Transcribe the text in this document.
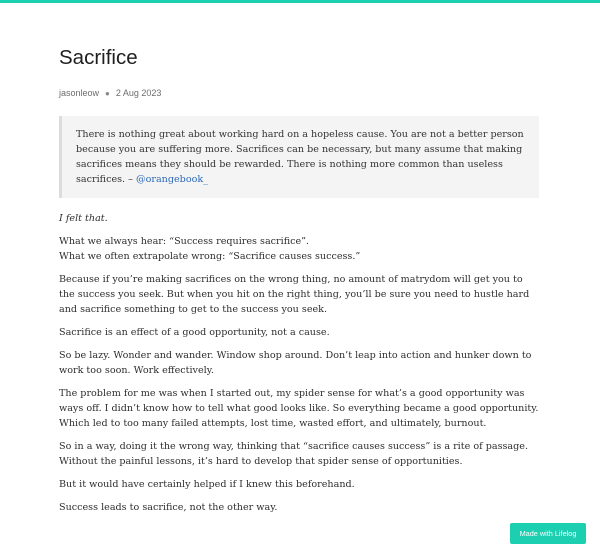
Sacrifice
jasonleow ● 2 Aug 2023
There is nothing great about working hard on a hopeless cause. You are not a better person because you are suffering more. Sacrifices can be necessary, but many assume that making sacrifices means they should be rewarded. There is nothing more common than useless sacrifices. – @orangebook_

I felt that.

What we always hear: “Success requires sacrifice”.
What we often extrapolate wrong: “Sacrifice causes success.”

Because if you’re making sacrifices on the wrong thing, no amount of matrydom will get you to the success you seek. But when you hit on the right thing, you’ll be sure you need to hustle hard and sacrifice something to get to the success you seek.

Sacrifice is an effect of a good opportunity, not a cause.

So be lazy. Wonder and wander. Window shop around. Don’t leap into action and hunker down to work too soon. Work effectively.

The problem for me was when I started out, my spider sense for what’s a good opportunity was ways off. I didn’t know how to tell what good looks like. So everything became a good opportunity. Which led to too many failed attempts, lost time, wasted effort, and ultimately, burnout.

So in a way, doing it the wrong way, thinking that “sacrifice causes success” is a rite of passage. Without the painful lessons, it’s hard to develop that spider sense of opportunities.

But it would have certainly helped if I knew this beforehand.

Success leads to sacrifice, not the other way.

Made with Lifelog
